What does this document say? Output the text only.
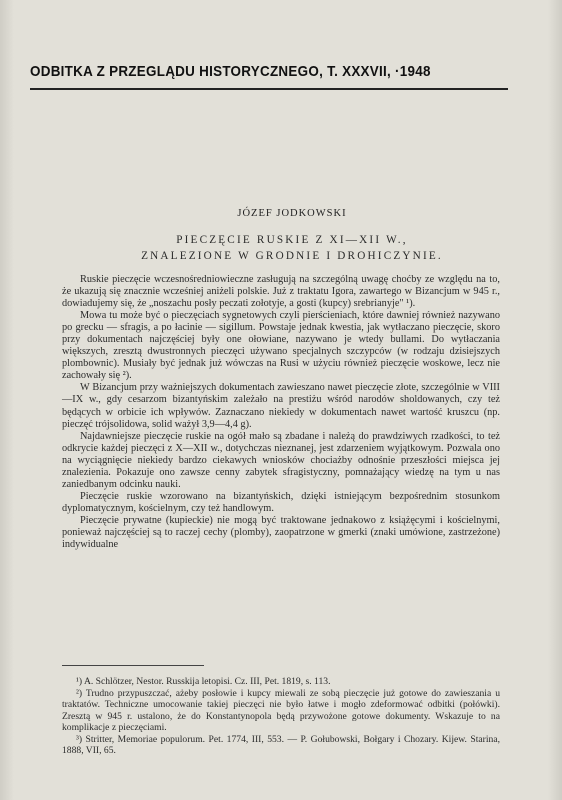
ODBITKA Z PRZEGLĄDU HISTORYCZNEGO, T. XXXVII, ·1948
JÓZEF JODKOWSKI
PIECZĘCIE RUSKIE Z XI—XII W.,
ZNALEZIONE W GRODNIE I DROHICZYNIE.

Ruskie pieczęcie wczesnośredniowieczne zasługują na szczególną uwagę choćby ze względu na to, że ukazują się znacznie wcześniej aniżeli polskie. Już z traktatu Igora, zawartego w Bizancjum w 945 r., dowiadujemy się, że „noszachu posły peczati zołotyje, a gosti (kupcy) srebrianyje" ¹).

Mowa tu może być o pieczęciach sygnetowych czyli pierścieniach, które dawniej również nazywano po grecku — sfragis, a po łacinie — sigillum. Powstaje jednak kwestia, jak wytłaczano pieczęcie, skoro przy dokumentach najczęściej były one ołowiane, nazywano je wtedy bullami. Do wytłaczania większych, zresztą dwustronnych pieczęci używano specjalnych szczypców (w rodzaju dzisiejszych plombownic). Musiały być jednak już wówczas na Rusi w użyciu również pieczęcie woskowe, lecz nie zachowały się ²).

W Bizancjum przy ważniejszych dokumentach zawieszano nawet pieczęcie złote, szczególnie w VIII—IX w., gdy cesarzom bizantyńskim zależało na prestiżu wśród narodów sholdowanych, czy też będących w orbicie ich wpływów. Zaznaczano niekiedy w dokumentach nawet wartość kruszcu (np. pieczęć trójsolidowa, solid ważył 3,9—4,4 g).

Najdawniejsze pieczęcie ruskie na ogół mało są zbadane i należą do prawdziwych rzadkości, to też odkrycie każdej pieczęci z X—XII w., dotychczas nieznanej, jest zdarzeniem wyjątkowym. Pozwala ono na wyciągnięcie niekiedy bardzo ciekawych wniosków chociażby odnośnie przeszłości miejsca jej znalezienia. Pokazuje ono zawsze cenny zabytek sfragistyczny, pomnażający wiedzę na tym u nas zaniedbanym odcinku nauki.

Pieczęcie ruskie wzorowano na bizantyńskich, dzięki istniejącym bezpośrednim stosunkom dyplomatycznym, kościelnym, czy też handlowym.

Pieczęcie prywatne (kupieckie) nie mogą być traktowane jednakowo z książęcymi i kościelnymi, ponieważ najczęściej są to raczej cechy (plomby), zaopatrzone w gmerki (znaki umówione, zastrzeżone) indywidualne

¹) A. Schlötzer, Nestor. Russkija letopisi. Cz. III, Pet. 1819, s. 113.

²) Trudno przypuszczać, ażeby posłowie i kupcy miewali ze sobą pieczęcie już gotowe do zawieszania u traktatów. Techniczne umocowanie takiej pieczęci nie było łatwe i mogło zdeformować odbitki (połówki). Zresztą w 945 r. ustalono, że do Konstantynopola będą przywożone gotowe dokumenty. Wskazuje to na komplikacje z pieczęciami.

³) Stritter, Memoriae populorum. Pet. 1774, III, 553. — P. Gołubowski, Bołgary i Chozary. Kijew. Starina, 1888, VII, 65.
